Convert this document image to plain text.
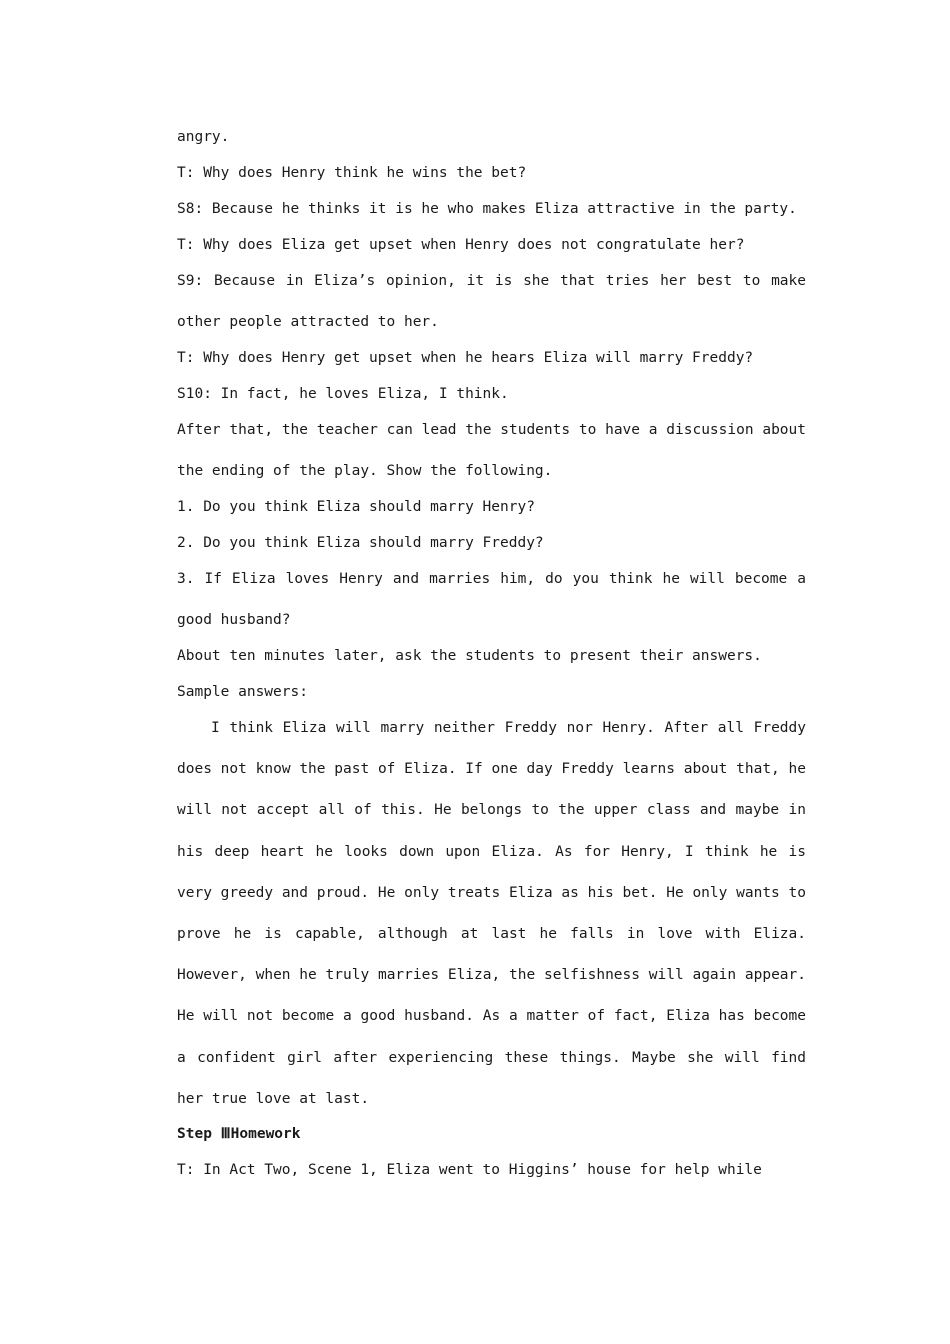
angry.
T: Why does Henry think he wins the bet?
S8: Because he thinks it is he who makes Eliza attractive in the party.
T: Why does Eliza get upset when Henry does not congratulate her?
S9: Because in Eliza’s opinion, it is she that tries her best to make other people attracted to her.
T: Why does Henry get upset when he hears Eliza will marry Freddy?
S10: In fact, he loves Eliza, I think.
After that, the teacher can lead the students to have a discussion about the ending of the play. Show the following.
1. Do you think Eliza should marry Henry?
2. Do you think Eliza should marry Freddy?
3. If Eliza loves Henry and marries him, do you think he will become a good husband?
About ten minutes later, ask the students to present their answers.
Sample answers:
I think Eliza will marry neither Freddy nor Henry. After all Freddy does not know the past of Eliza. If one day Freddy learns about that, he will not accept all of this. He belongs to the upper class and maybe in his deep heart he looks down upon Eliza. As for Henry, I think he is very greedy and proud. He only treats Eliza as his bet. He only wants to prove he is capable, although at last he falls in love with Eliza. However, when he truly marries Eliza, the selfishness will again appear. He will not become a good husband. As a matter of fact, Eliza has become a confident girl after experiencing these things. Maybe she will find her true love at last.
Step ⅢHomework
T: In Act Two, Scene 1, Eliza went to Higgins’ house for help while
